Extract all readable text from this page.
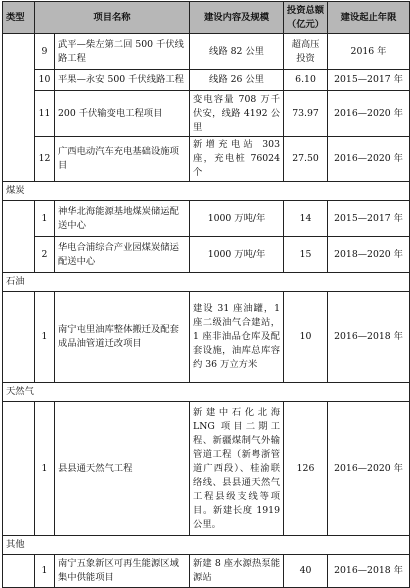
类型	项目名称		建设内容及规模	投资总额（亿元）	建设起止年限
	9	武平—柴左第二回 500 千伏线路工程	线路 82 公里	超高压投资	2016 年
	10	平果—永安 500 千伏线路工程	线路 26 公里	6.10	2015—2017 年
	11	200 千伏输变电工程项目	变电容量 708 万千伏安，线路 4192 公里	73.97	2016—2020 年
	12	广西电动汽车充电基础设施项目	新增充电站 303 座，充电桩 76024 个	27.50	2016—2020 年
煤炭					
	1	神华北海能源基地煤炭储运配送中心	1000 万吨/年	14	2015—2017 年
	2	华电合浦综合产业园煤炭储运配送中心	1000 万吨/年	15	2018—2020 年
石油					
	1	南宁屯里油库整体搬迁及配套成品油管道迁改项目	建设 31 座油罐，1 座二级油气合建站，1 座非油品仓库及配套设施，油库总库容约 36 万立方米	10	2016—2018 年
天然气					
	1	县县通天然气工程	新建中石化北海 LNG 项目二期工程、新疆煤制气外输管道工程（新粤浙管道广西段）、桂渝联络线、县县通天然气工程县级支线等项目。新建长度 1919 公里。	126	2016—2020 年
其他					
	1	南宁五象新区可再生能源区域集中供能项目	新建 8 座水源热泵能源站	40	2016—2018 年
